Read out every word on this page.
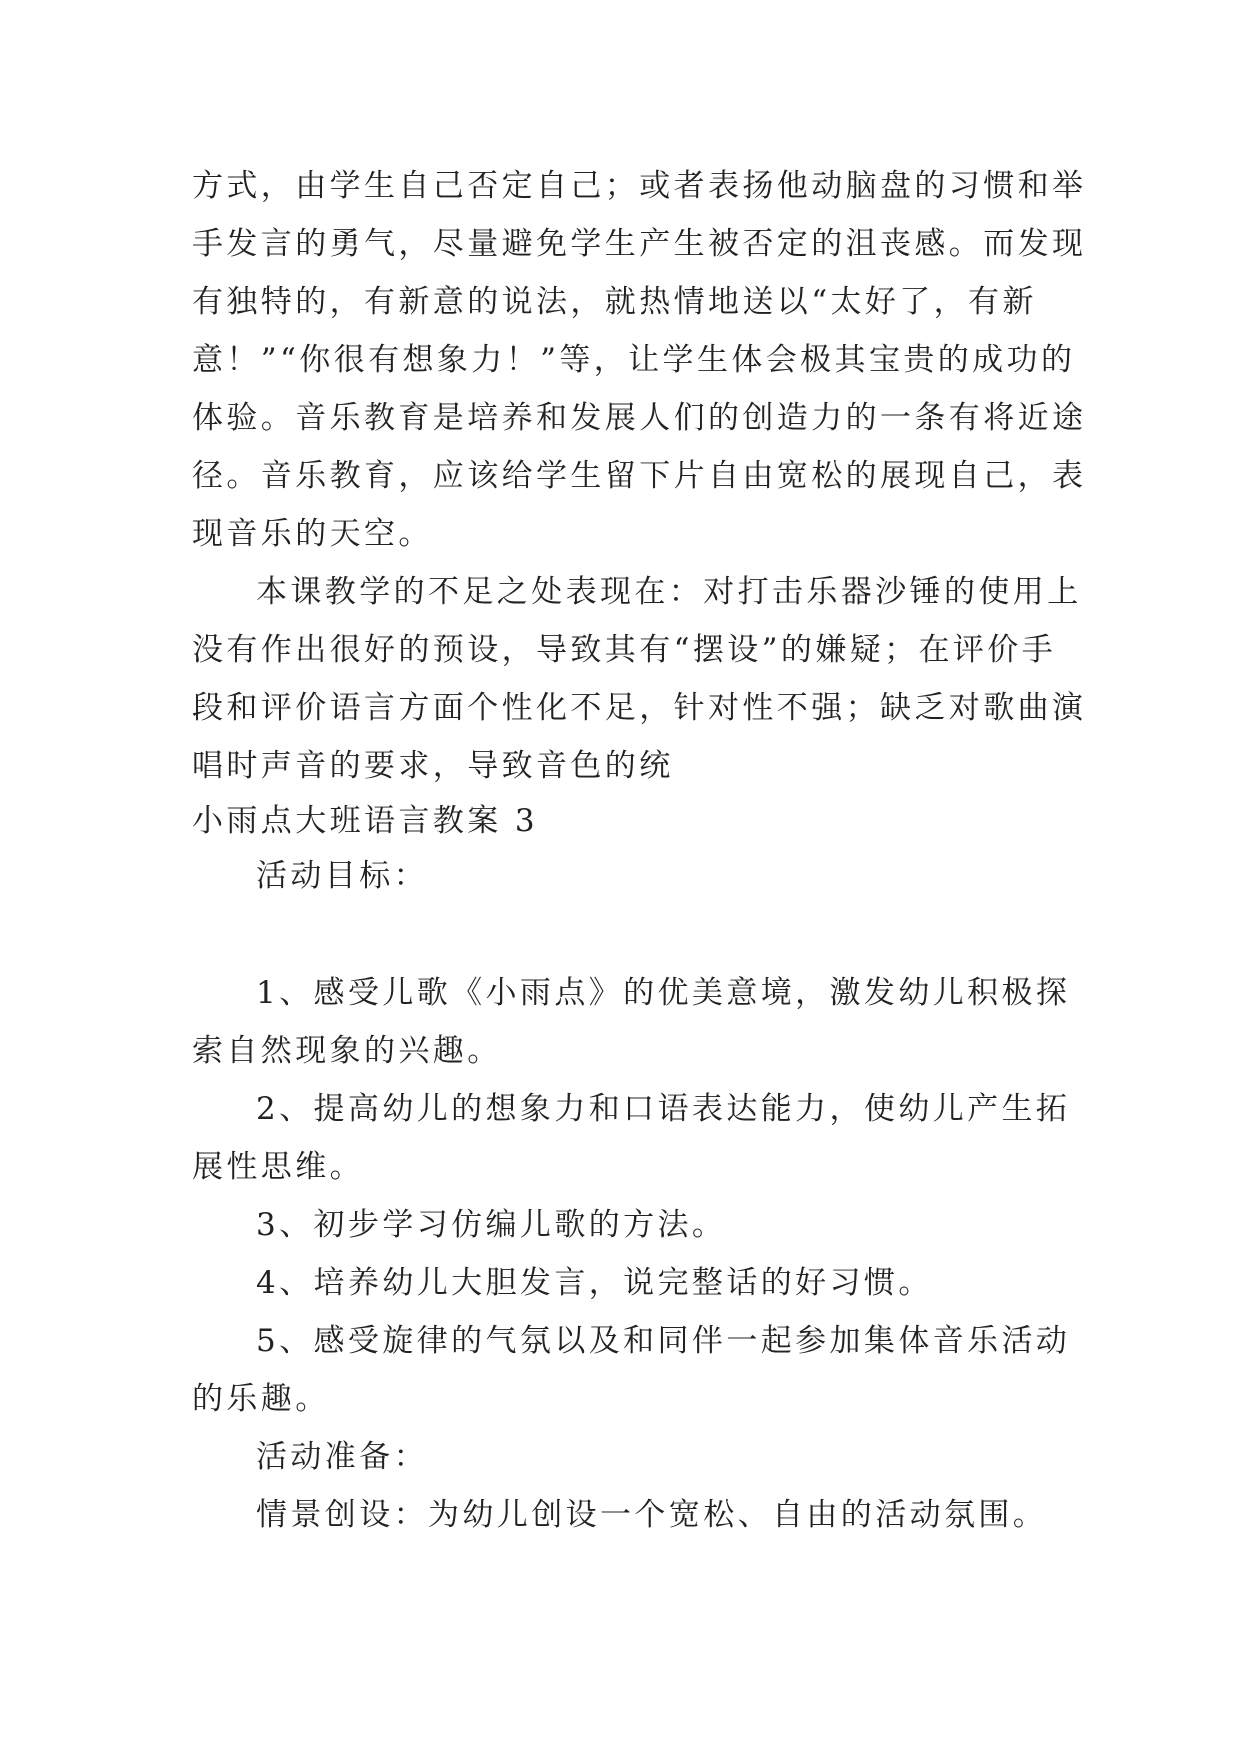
方式，由学生自己否定自己；或者表扬他动脑盘的习惯和举
手发言的勇气，尽量避免学生产生被否定的沮丧感。而发现
有独特的，有新意的说法，就热情地送以“太好了，有新
意！”“你很有想象力！”等，让学生体会极其宝贵的成功的
体验。音乐教育是培养和发展人们的创造力的一条有将近途
径。音乐教育，应该给学生留下片自由宽松的展现自己，表
现音乐的天空。
本课教学的不足之处表现在：对打击乐器沙锤的使用上
没有作出很好的预设，导致其有“摆设”的嫌疑；在评价手
段和评价语言方面个性化不足，针对性不强；缺乏对歌曲演
唱时声音的要求，导致音色的统
小雨点大班语言教案 3
活动目标：
1、感受儿歌《小雨点》的优美意境，激发幼儿积极探
索自然现象的兴趣。
2、提高幼儿的想象力和口语表达能力，使幼儿产生拓
展性思维。
3、初步学习仿编儿歌的方法。
4、培养幼儿大胆发言，说完整话的好习惯。
5、感受旋律的气氛以及和同伴一起参加集体音乐活动
的乐趣。
活动准备：
情景创设：为幼儿创设一个宽松、自由的活动氛围。
